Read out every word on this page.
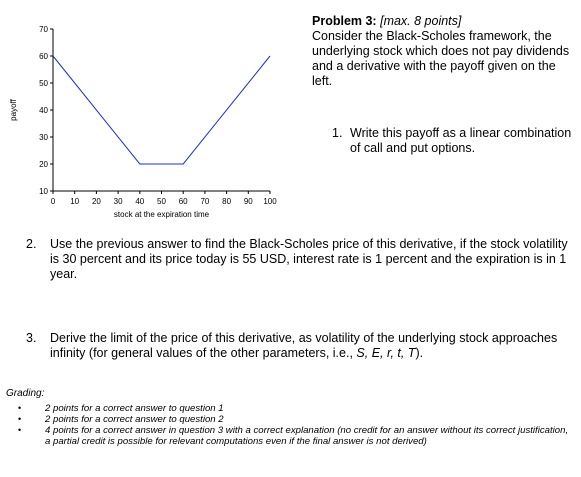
10
20
30
40
50
60
70
0 10 20 30 40 50 60 70 80 90 100
stock at the expiration time
payoff
Problem 3: [max. 8 points]
Consider the Black-Scholes framework, the underlying stock which does not pay dividends and a derivative with the payoff given on the left.
1. Write this payoff as a linear combination of call and put options.
2. Use the previous answer to find the Black-Scholes price of this derivative, if the stock volatility is 30 percent and its price today is 55 USD, interest rate is 1 percent and the expiration is in 1 year.
3. Derive the limit of the price of this derivative, as volatility of the underlying stock approaches infinity (for general values of the other parameters, i.e., S, E, r, t, T).
Grading:
• 2 points for a correct answer to question 1
• 2 points for a correct answer to question 2
• 4 points for a correct answer in question 3 with a correct explanation (no credit for an answer without its correct justification, a partial credit is possible for relevant computations even if the final answer is not derived)
